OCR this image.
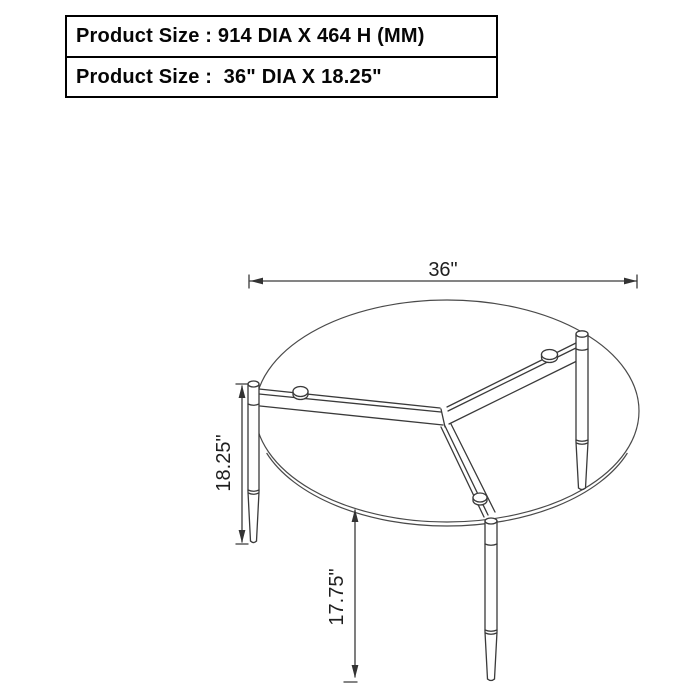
Product Size : 914 DIA X 464 H (MM)
Product Size :  36" DIA X 18.25"
36"
18.25"
17.75"
